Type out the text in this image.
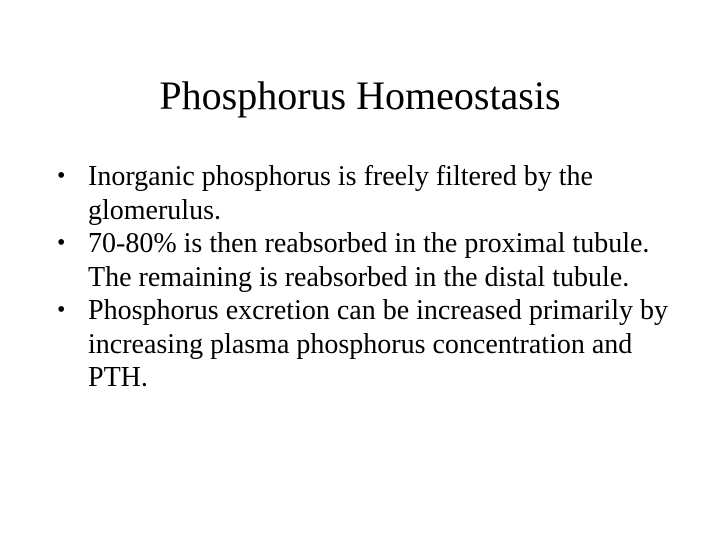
Phosphorus Homeostasis
• Inorganic phosphorus is freely filtered by the glomerulus.
• 70-80% is then reabsorbed in the proximal tubule. The remaining is reabsorbed in the distal tubule.
• Phosphorus excretion can be increased primarily by increasing plasma phosphorus concentration and PTH.
